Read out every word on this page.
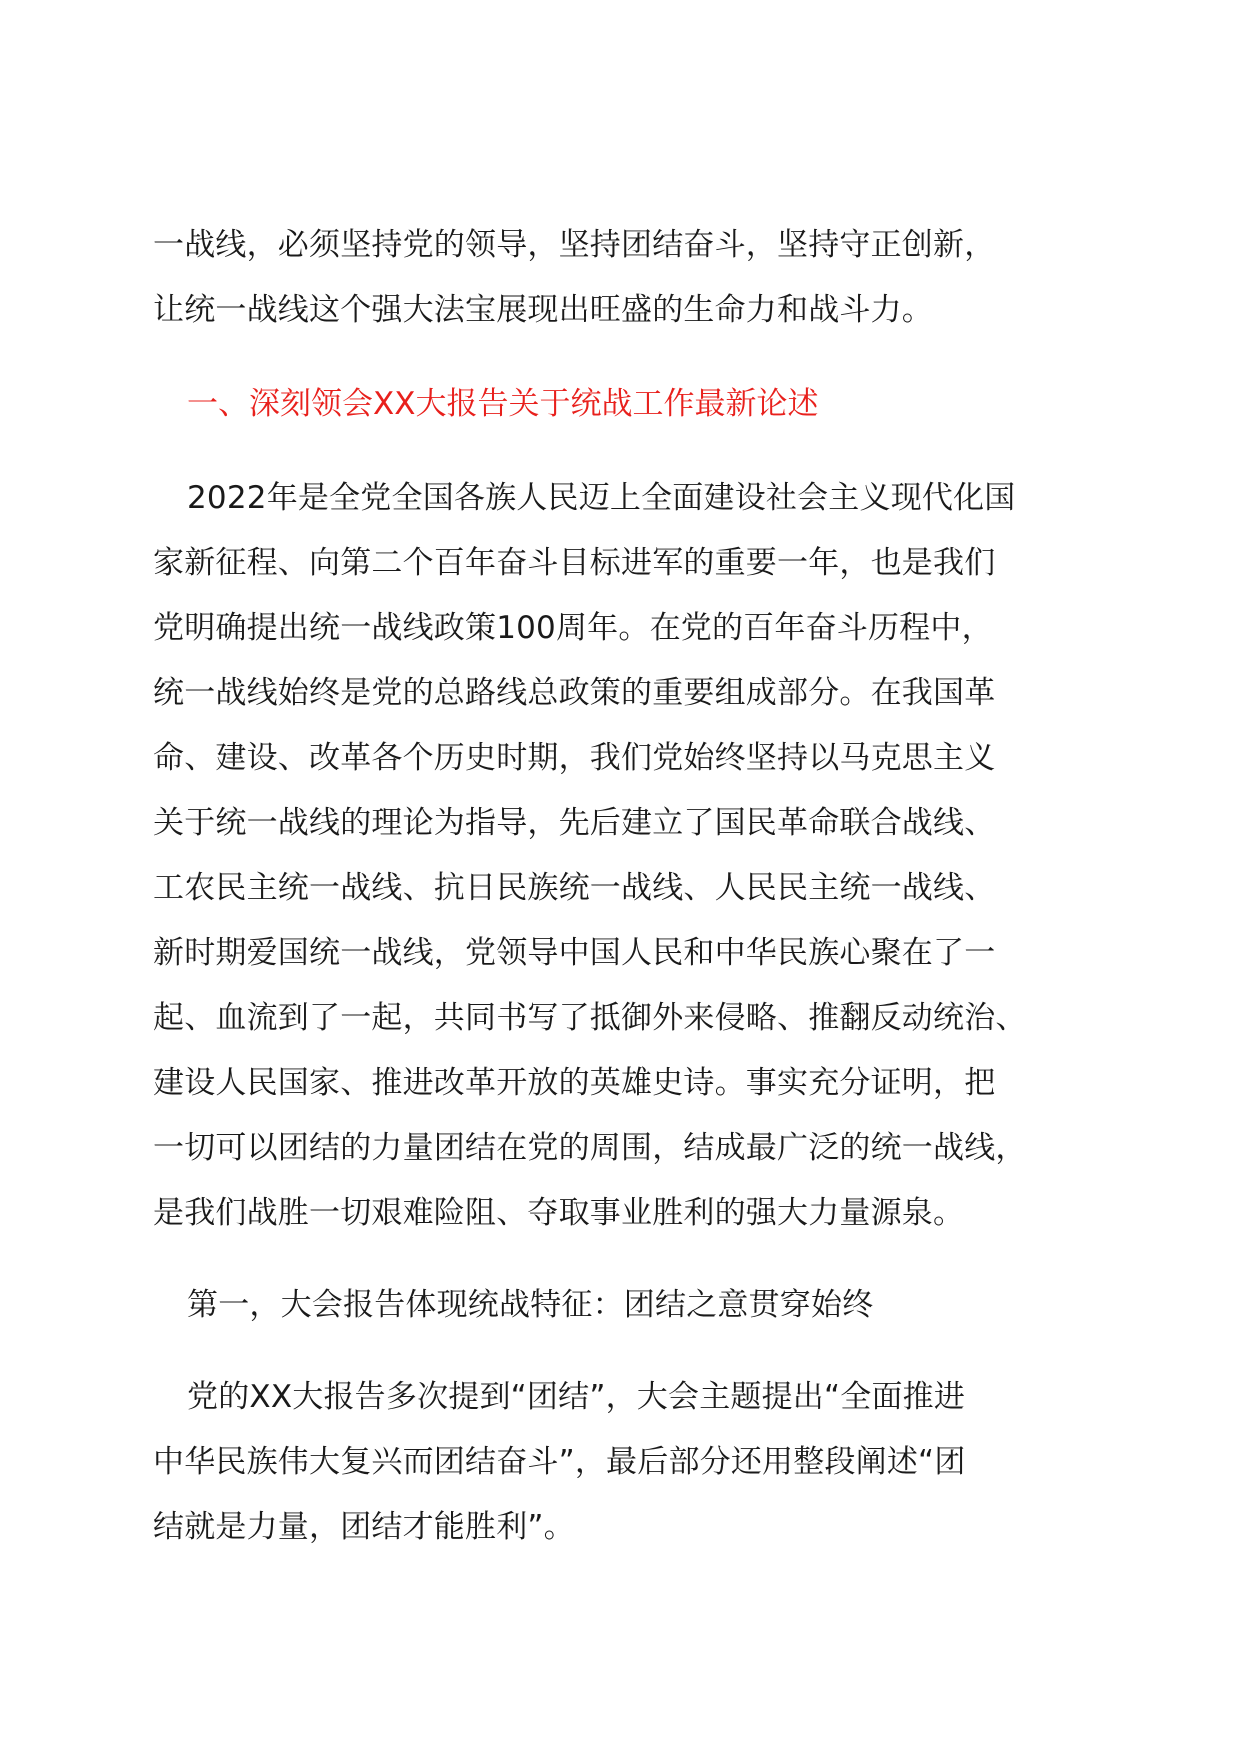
一战线，必须坚持党的领导，坚持团结奋斗，坚持守正创新，
让统一战线这个强大法宝展现出旺盛的生命力和战斗力。
一、深刻领会XX大报告关于统战工作最新论述
2022年是全党全国各族人民迈上全面建设社会主义现代化国
家新征程、向第二个百年奋斗目标进军的重要一年，也是我们
党明确提出统一战线政策100周年。在党的百年奋斗历程中，
统一战线始终是党的总路线总政策的重要组成部分。在我国革
命、建设、改革各个历史时期，我们党始终坚持以马克思主义
关于统一战线的理论为指导，先后建立了国民革命联合战线、
工农民主统一战线、抗日民族统一战线、人民民主统一战线、
新时期爱国统一战线，党领导中国人民和中华民族心聚在了一
起、血流到了一起，共同书写了抵御外来侵略、推翻反动统治、
建设人民国家、推进改革开放的英雄史诗。事实充分证明，把
一切可以团结的力量团结在党的周围，结成最广泛的统一战线，
是我们战胜一切艰难险阻、夺取事业胜利的强大力量源泉。
第一，大会报告体现统战特征：团结之意贯穿始终
党的XX大报告多次提到“团结”，大会主题提出“全面推进
中华民族伟大复兴而团结奋斗”，最后部分还用整段阐述“团
结就是力量，团结才能胜利”。
